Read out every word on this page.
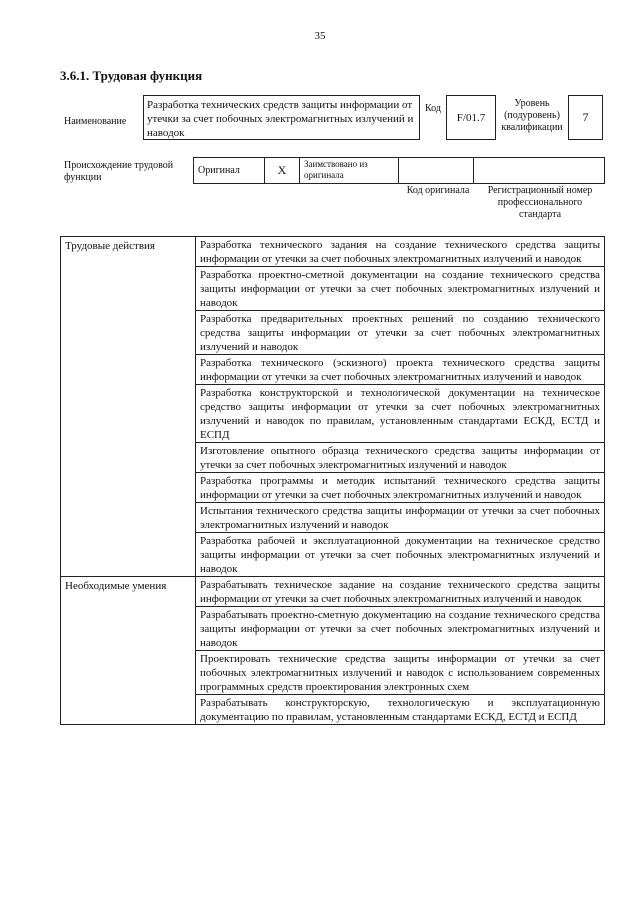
35
3.6.1. Трудовая функция
Наименование
Разработка технических средств защиты информации от утечки за счет побочных электромагнитных излучений и наводок
Код
F/01.7
Уровень (подуровень) квалификации
7
Происхождение трудовой функции
Оригинал	X	Заимствовано из оригинала
Код оригинала	Регистрационный номер профессионального стандарта
Трудовые действия	Разработка технического задания на создание технического средства защиты информации от утечки за счет побочных электромагнитных излучений и наводок
	Разработка проектно-сметной документации на создание технического средства защиты информации от утечки за счет побочных электромагнитных излучений и наводок
	Разработка предварительных проектных решений по созданию технического средства защиты информации от утечки за счет побочных электромагнитных излучений и наводок
	Разработка технического (эскизного) проекта технического средства защиты информации от утечки за счет побочных электромагнитных излучений и наводок
	Разработка конструкторской и технологической документации на техническое средство защиты информации от утечки за счет побочных электромагнитных излучений и наводок по правилам, установленным стандартами ЕСКД, ЕСТД и ЕСПД
	Изготовление опытного образца технического средства защиты информации от утечки за счет побочных электромагнитных излучений и наводок
	Разработка программы и методик испытаний технического средства защиты информации от утечки за счет побочных электромагнитных излучений и наводок
	Испытания технического средства защиты информации от утечки за счет побочных электромагнитных излучений и наводок
	Разработка рабочей и эксплуатационной документации на техническое средство защиты информации от утечки за счет побочных электромагнитных излучений и наводок
Необходимые умения	Разрабатывать техническое задание на создание технического средства защиты информации от утечки за счет побочных электромагнитных излучений и наводок
	Разрабатывать проектно-сметную документацию на создание технического средства защиты информации от утечки за счет побочных электромагнитных излучений и наводок
	Проектировать технические средства защиты информации от утечки за счет побочных электромагнитных излучений и наводок с использованием современных программных средств проектирования электронных схем
	Разрабатывать конструкторскую, технологическую и эксплуатационную документацию по правилам, установленным стандартами ЕСКД, ЕСТД и ЕСПД
